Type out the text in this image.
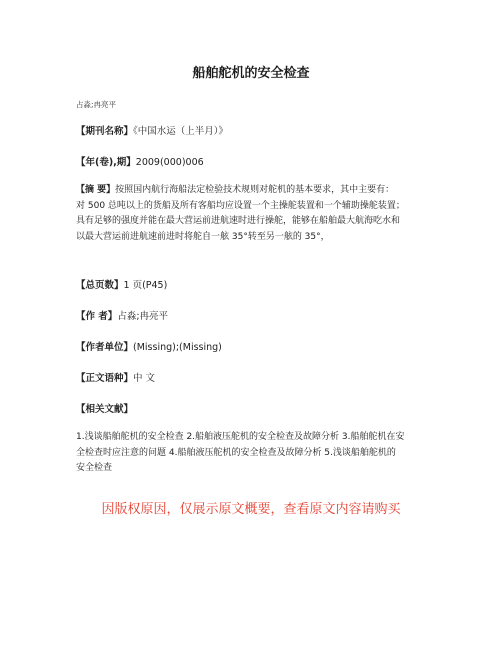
船舶舵机的安全检查
占淼;冉亮平
【期刊名称】《中国水运（上半月）》
【年(卷),期】2009(000)006
【摘 要】按照国内航行海船法定检验技术规则对舵机的基本要求，其中主要有：
对 500 总吨以上的货船及所有客船均应设置一个主操舵装置和一个辅助操舵装置；
具有足够的强度并能在最大营运前进航速时进行操舵，能够在船舶最大航海吃水和
以最大营运前进航速前进时将舵自一舷 35°转至另一舷的 35°，
【总页数】1 页(P45)
【作 者】占淼;冉亮平
【作者单位】(Missing);(Missing)
【正文语种】中 文
【相关文献】
1.浅谈船舶舵机的安全检查 2.船舶液压舵机的安全检查及故障分析 3.船舶舵机在安
全检查时应注意的问题 4.船舶液压舵机的安全检查及故障分析 5.浅谈船舶舵机的
安全检查
因版权原因，仅展示原文概要，查看原文内容请购买
